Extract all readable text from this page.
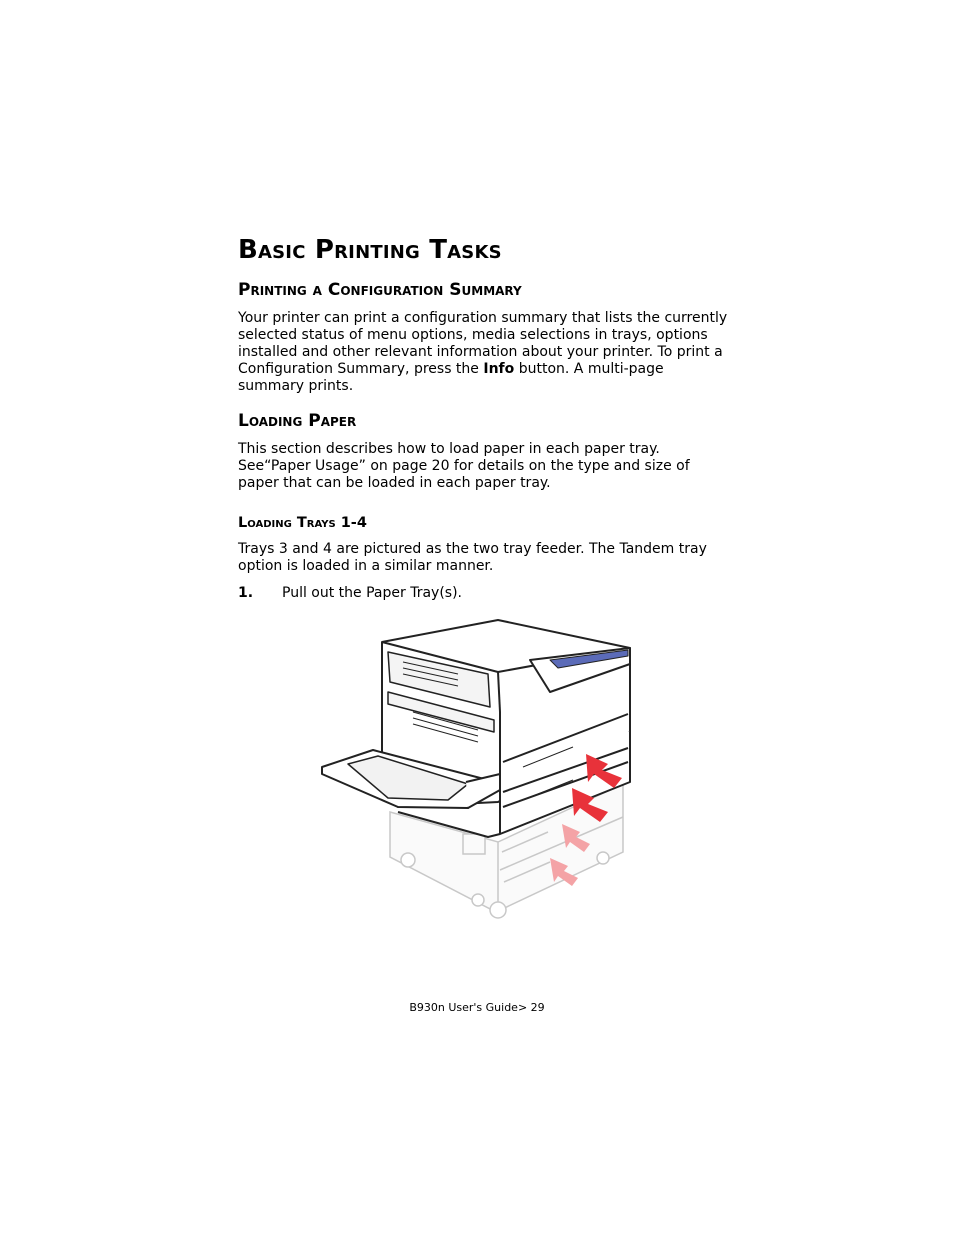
Basic Printing Tasks
Printing a Configuration Summary

Your printer can print a configuration summary that lists the currently selected status of menu options, media selections in trays, options installed and other relevant information about your printer. To print a Configuration Summary, press the Info button. A multi-page summary prints.

Loading Paper

This section describes how to load paper in each paper tray. See“Paper Usage” on page 20 for details on the type and size of paper that can be loaded in each paper tray.

Loading Trays 1-4

Trays 3 and 4 are pictured as the two tray feeder. The Tandem tray option is loaded in a similar manner.

1.	Pull out the Paper Tray(s).
B930n User's Guide> 29
